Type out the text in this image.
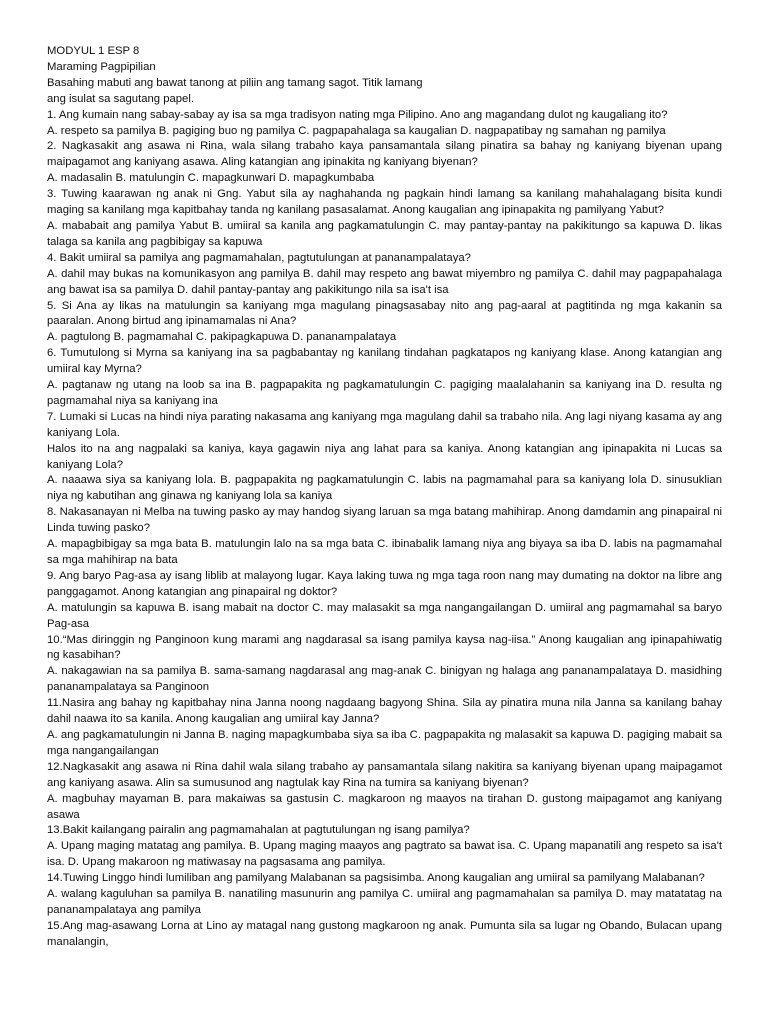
MODYUL 1 ESP 8

Maraming Pagpipilian

Basahing mabuti ang bawat tanong at piliin ang tamang sagot. Titik lamang

ang isulat sa sagutang papel.

1. Ang kumain nang sabay-sabay ay isa sa mga tradisyon nating mga Pilipino. Ano ang magandang dulot ng kaugaliang ito?

A. respeto sa pamilya B. pagiging buo ng pamilya C. pagpapahalaga sa kaugalian D. nagpapatibay ng samahan ng pamilya

2. Nagkasakit ang asawa ni Rina, wala silang trabaho kaya pansamantala silang pinatira sa bahay ng kaniyang biyenan upang maipagamot ang kaniyang asawa. Aling katangian ang ipinakita ng kaniyang biyenan?

A. madasalin B. matulungin C. mapagkunwari D. mapagkumbaba

3. Tuwing kaarawan ng anak ni Gng. Yabut sila ay naghahanda ng pagkain hindi lamang sa kanilang mahahalagang bisita kundi maging sa kanilang mga kapitbahay tanda ng kanilang pasasalamat. Anong kaugalian ang ipinapakita ng pamilyang Yabut?

A. mababait ang pamilya Yabut B. umiiral sa kanila ang pagkamatulungin C. may pantay-pantay na pakikitungo sa kapuwa D. likas talaga sa kanila ang pagbibigay sa kapuwa

4. Bakit umiiral sa pamilya ang pagmamahalan, pagtutulungan at pananampalataya?

A. dahil may bukas na komunikasyon ang pamilya B. dahil may respeto ang bawat miyembro ng pamilya C. dahil may pagpapahalaga ang bawat isa sa pamilya D. dahil pantay-pantay ang pakikitungo nila sa isa't isa

5. Si Ana ay likas na matulungin sa kaniyang mga magulang pinagsasabay nito ang pag-aaral at pagtitinda ng mga kakanin sa paaralan. Anong birtud ang ipinamamalas ni Ana?

A. pagtulong B. pagmamahal C. pakipagkapuwa D. pananampalataya

6. Tumutulong si Myrna sa kaniyang ina sa pagbabantay ng kanilang tindahan pagkatapos ng kaniyang klase. Anong katangian ang umiiral kay Myrna?

A. pagtanaw ng utang na loob sa ina B. pagpapakita ng pagkamatulungin C. pagiging maalalahanin sa kaniyang ina D. resulta ng pagmamahal niya sa kaniyang ina

7. Lumaki si Lucas na hindi niya parating nakasama ang kaniyang mga magulang dahil sa trabaho nila. Ang lagi niyang kasama ay ang kaniyang Lola.

Halos ito na ang nagpalaki sa kaniya, kaya gagawin niya ang lahat para sa kaniya. Anong katangian ang ipinapakita ni Lucas sa kaniyang Lola?

A. naaawa siya sa kaniyang lola. B. pagpapakita ng pagkamatulungin C. labis na pagmamahal para sa kaniyang lola D. sinusuklian niya ng kabutihan ang ginawa ng kaniyang lola sa kaniya

8. Nakasanayan ni Melba na tuwing pasko ay may handog siyang laruan sa mga batang mahihirap. Anong damdamin ang pinapairal ni Linda tuwing pasko?

A. mapagbibigay sa mga bata B. matulungin lalo na sa mga bata C. ibinabalik lamang niya ang biyaya sa iba D. labis na pagmamahal sa mga mahihirap na bata

9. Ang baryo Pag-asa ay isang liblib at malayong lugar. Kaya laking tuwa ng mga taga roon nang may dumating na doktor na libre ang panggagamot. Anong katangian ang pinapairal ng doktor?

A. matulungin sa kapuwa B. isang mabait na doctor C. may malasakit sa mga nangangailangan D. umiiral ang pagmamahal sa baryo Pag-asa

10.“Mas diringgin ng Panginoon kung marami ang nagdarasal sa isang pamilya kaysa nag-iisa.” Anong kaugalian ang ipinapahiwatig ng kasabihan?

A. nakagawian na sa pamilya B. sama-samang nagdarasal ang mag-anak C. binigyan ng halaga ang pananampalataya D. masidhing pananampalataya sa Panginoon

11.Nasira ang bahay ng kapitbahay nina Janna noong nagdaang bagyong Shina. Sila ay pinatira muna nila Janna sa kanilang bahay dahil naawa ito sa kanila. Anong kaugalian ang umiiral kay Janna?

A. ang pagkamatulungin ni Janna B. naging mapagkumbaba siya sa iba C. pagpapakita ng malasakit sa kapuwa D. pagiging mabait sa mga nangangailangan

12.Nagkasakit ang asawa ni Rina dahil wala silang trabaho ay pansamantala silang nakitira sa kaniyang biyenan upang maipagamot ang kaniyang asawa. Alin sa sumusunod ang nagtulak kay Rina na tumira sa kaniyang biyenan?

A. magbuhay mayaman B. para makaiwas sa gastusin C. magkaroon ng maayos na tirahan D. gustong maipagamot ang kaniyang asawa

13.Bakit kailangang pairalin ang pagmamahalan at pagtutulungan ng isang pamilya?

A. Upang maging matatag ang pamilya. B. Upang maging maayos ang pagtrato sa bawat isa. C. Upang mapanatili ang respeto sa isa't isa. D. Upang makaroon ng matiwasay na pagsasama ang pamilya.

14.Tuwing Linggo hindi lumiliban ang pamilyang Malabanan sa pagsisimba. Anong kaugalian ang umiiral sa pamilyang Malabanan?

A. walang kaguluhan sa pamilya B. nanatiling masunurin ang pamilya C. umiiral ang pagmamahalan sa pamilya D. may matatatag na pananampalataya ang pamilya

15.Ang mag-asawang Lorna at Lino ay matagal nang gustong magkaroon ng anak. Pumunta sila sa lugar ng Obando, Bulacan upang manalangin,
